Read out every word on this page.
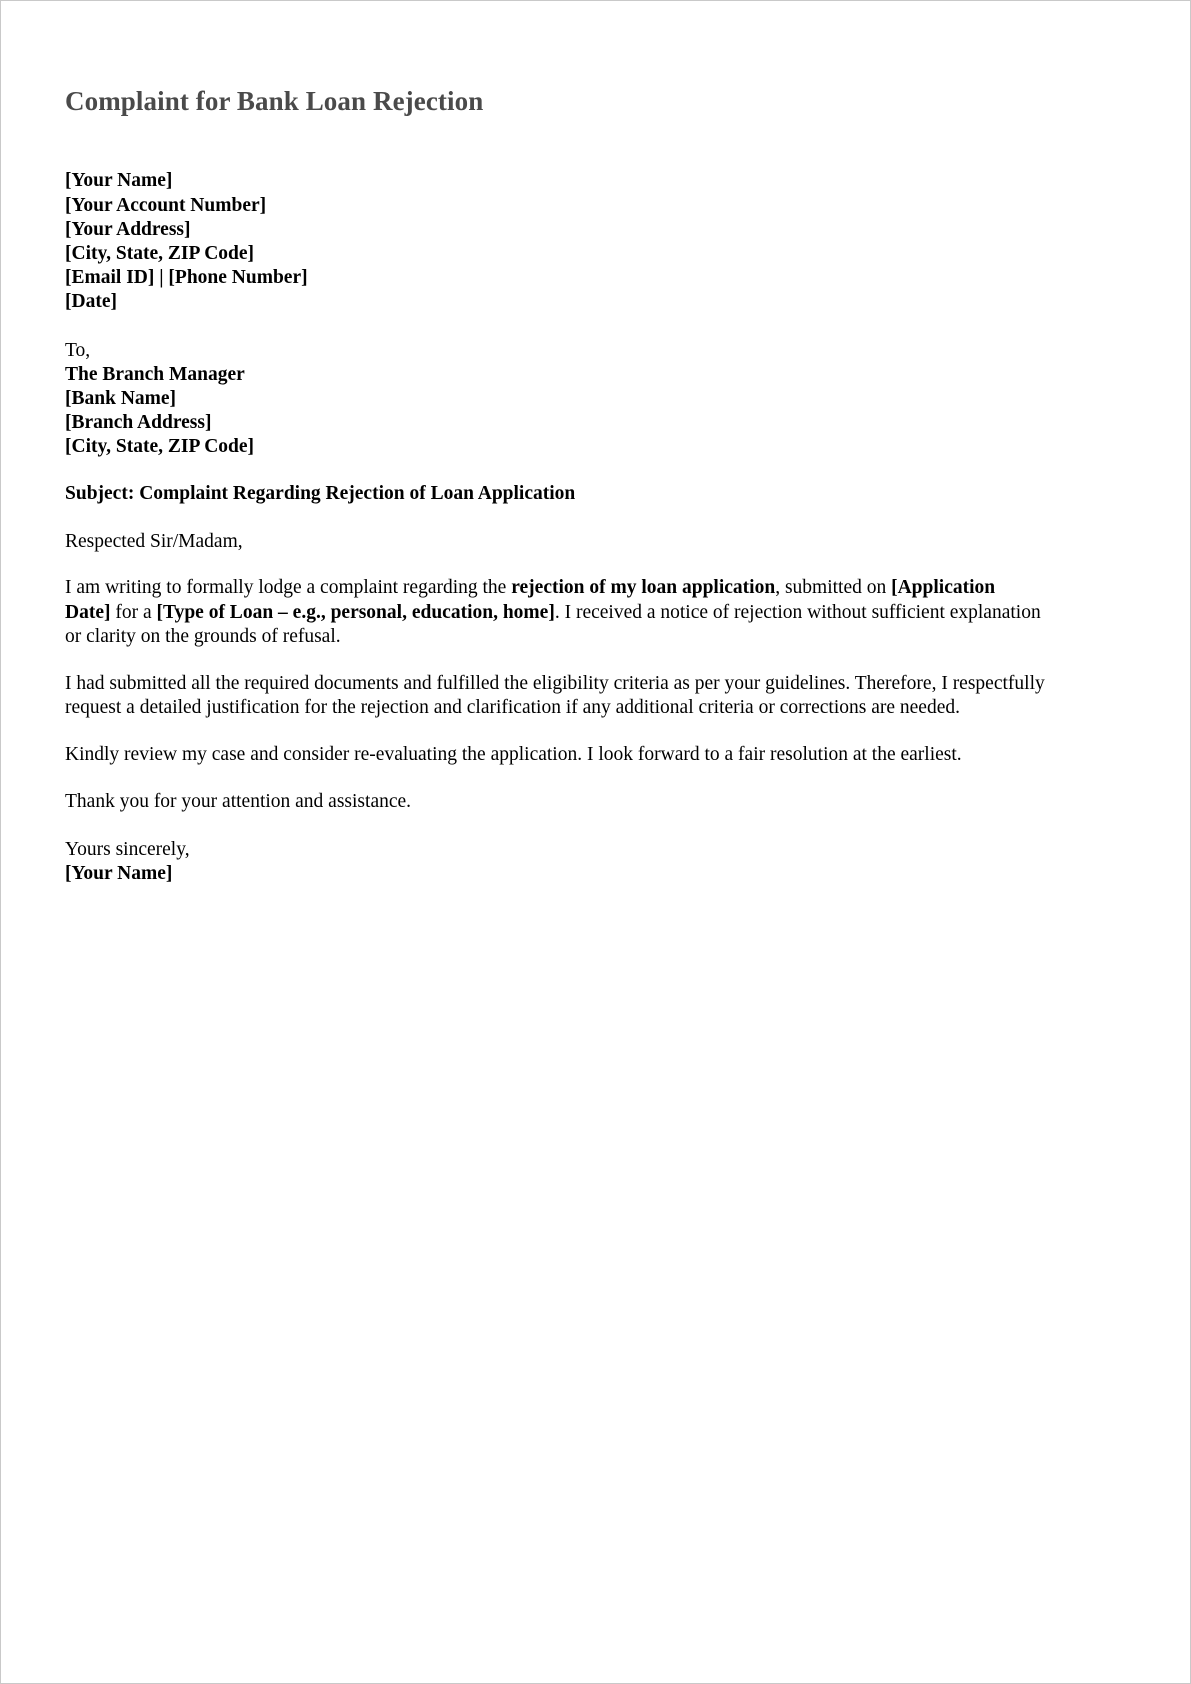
Complaint for Bank Loan Rejection
[Your Name]
[Your Account Number]
[Your Address]
[City, State, ZIP Code]
[Email ID] | [Phone Number]
[Date]
To,
The Branch Manager
[Bank Name]
[Branch Address]
[City, State, ZIP Code]
Subject: Complaint Regarding Rejection of Loan Application
Respected Sir/Madam,

I am writing to formally lodge a complaint regarding the rejection of my loan application, submitted on [Application Date] for a [Type of Loan – e.g., personal, education, home]. I received a notice of rejection without sufficient explanation or clarity on the grounds of refusal.

I had submitted all the required documents and fulfilled the eligibility criteria as per your guidelines. Therefore, I respectfully request a detailed justification for the rejection and clarification if any additional criteria or corrections are needed.

Kindly review my case and consider re-evaluating the application. I look forward to a fair resolution at the earliest.

Thank you for your attention and assistance.

Yours sincerely,
[Your Name]
